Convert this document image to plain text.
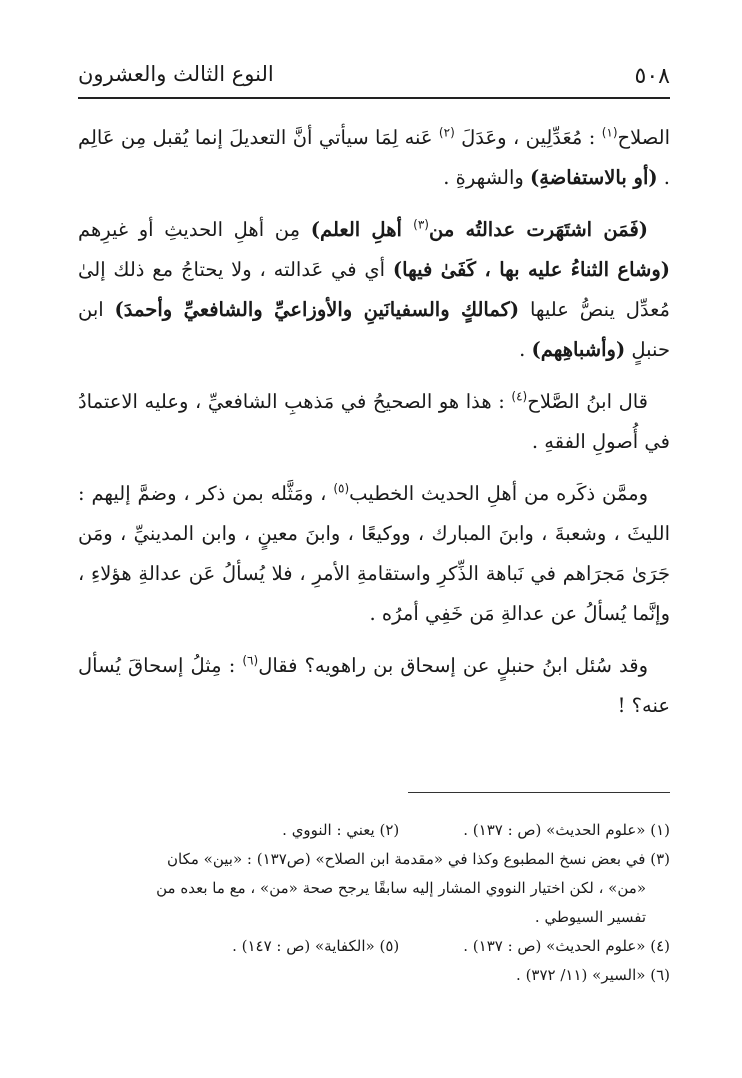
٥٠٨
النوع الثالث والعشرون

الصلاح$^{(١)}$ : مُعَدِّلِين ، وعَدَلَ $^{(٢)}$ عَنه لِمَا سيأتي أنَّ التعديلَ إنما يُقبل مِن عَالِم . (أو بالاستفاضةِ) والشهرةِ .

(فَمَن اشتَهَرت عدالتُه من$^{(٣)}$ أهلِ العلم) مِن أهلِ الحديثِ أو غيرِهم (وشاع الثناءُ عليه بها ، كَفَىٰ فيها) أي في عَدالته ، ولا يحتاجُ مع ذلك إلىٰ مُعدِّل ينصُّ عليها (كمالكٍ والسفيانَينِ والأوزاعيِّ والشافعيِّ وأحمدَ) ابن حنبلٍ (وأشباهِهم) .

قال ابنُ الصَّلاح$^{(٤)}$ : هذا هو الصحيحُ في مَذهبِ الشافعيِّ ، وعليه الاعتمادُ في أُصولِ الفقهِ .

وممَّن ذكَره من أهلِ الحديث الخطيب$^{(٥)}$ ، ومَثَّله بمن ذكر ، وضمَّ إليهم : الليثَ ، وشعبةَ ، وابنَ المبارك ، ووكيعًا ، وابنَ معينٍ ، وابن المدينيِّ ، ومَن جَرَىٰ مَجرَاهم في نَباهة الذِّكرِ واستقامةِ الأمرِ ، فلا يُسألُ عَن عدالةِ هؤلاءِ ، وإنَّما يُسألُ عن عدالةِ مَن خَفِي أمرُه .

وقد سُئل ابنُ حنبلٍ عن إسحاق بن راهويه؟ فقال$^{(٦)}$ : مِثلُ إسحاقَ يُسأل عنه؟ !

(١) «علوم الحديث» (ص : ١٣٧) .(٢) يعني : النووي .

(٣) في بعض نسخ المطبوع وكذا في «مقدمة ابن الصلاح» (ص١٣٧) : «بين» مكان

«من» ، لكن اختيار النووي المشار إليه سابقًا يرجح صحة «من» ، مع ما بعده من

تفسير السيوطي .

(٤) «علوم الحديث» (ص : ١٣٧) .(٥) «الكفاية» (ص : ١٤٧) .

(٦) «السير» (١١/ ٣٧٢) .
